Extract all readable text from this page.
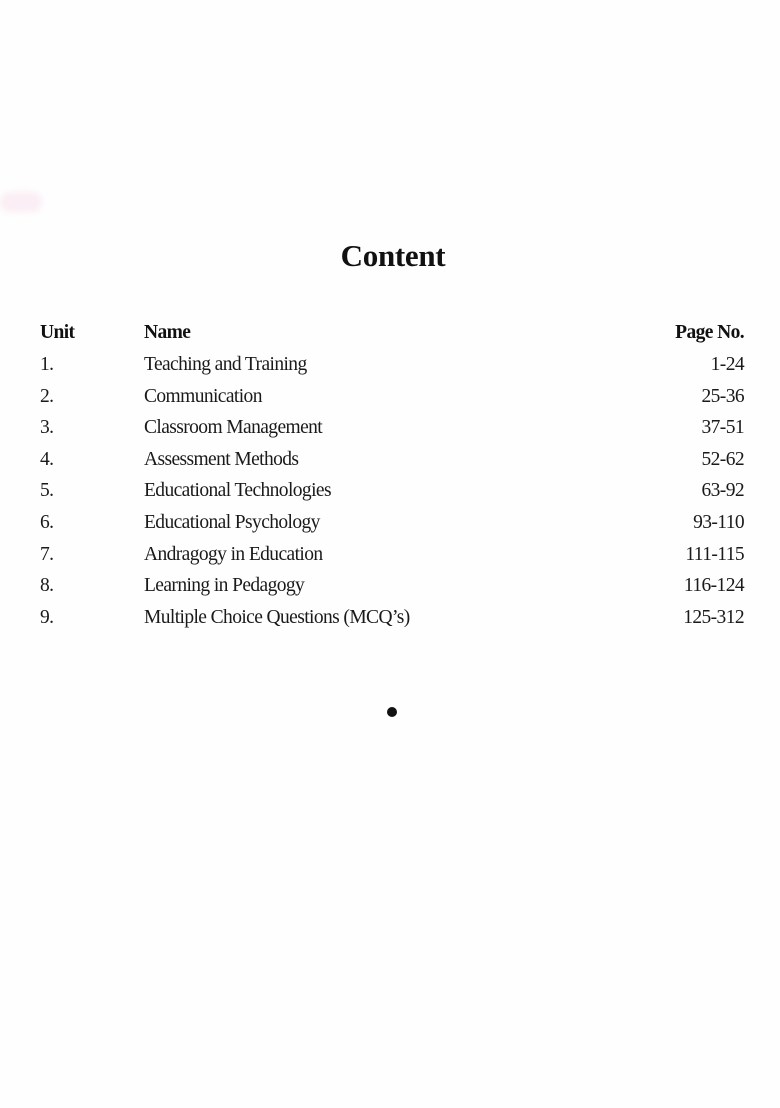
Content
Unit	Name	Page No.
1.	Teaching and Training	1-24
2.	Communication	25-36
3.	Classroom Management	37-51
4.	Assessment Methods	52-62
5.	Educational Technologies	63-92
6.	Educational Psychology	93-110
7.	Andragogy in Education	111-115
8.	Learning in Pedagogy	116-124
9.	Multiple Choice Questions (MCQ’s)	125-312
